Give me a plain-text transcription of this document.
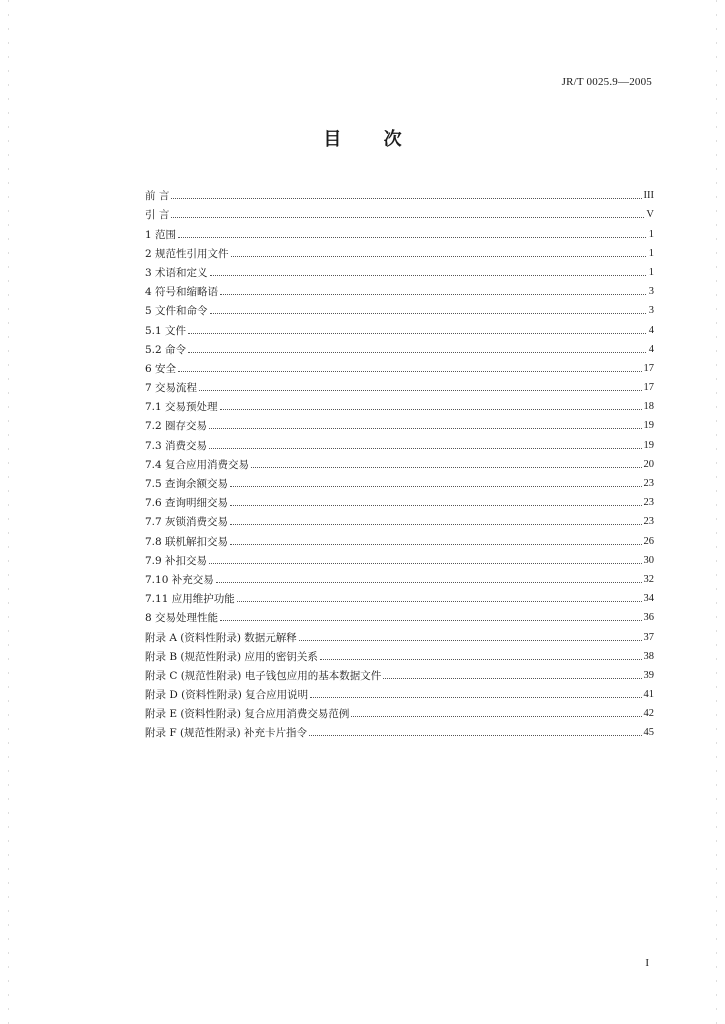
JR/T 0025.9—2005
目 次
前 言	III
引 言	V
1 范围	1
2 规范性引用文件	1
3 术语和定义	1
4 符号和缩略语	3
5 文件和命令	3
5.1 文件	4
5.2 命令	4
6 安全	17
7 交易流程	17
7.1 交易预处理	18
7.2 圈存交易	19
7.3 消费交易	19
7.4 复合应用消费交易	20
7.5 查询余额交易	23
7.6 查询明细交易	23
7.7 灰锁消费交易	23
7.8 联机解扣交易	26
7.9 补扣交易	30
7.10 补充交易	32
7.11 应用维护功能	34
8 交易处理性能	36
附录 A (资料性附录) 数据元解释	37
附录 B (规范性附录) 应用的密钥关系	38
附录 C (规范性附录) 电子钱包应用的基本数据文件	39
附录 D (资料性附录) 复合应用说明	41
附录 E (资料性附录) 复合应用消费交易范例	42
附录 F (规范性附录) 补充卡片指令	45
I
